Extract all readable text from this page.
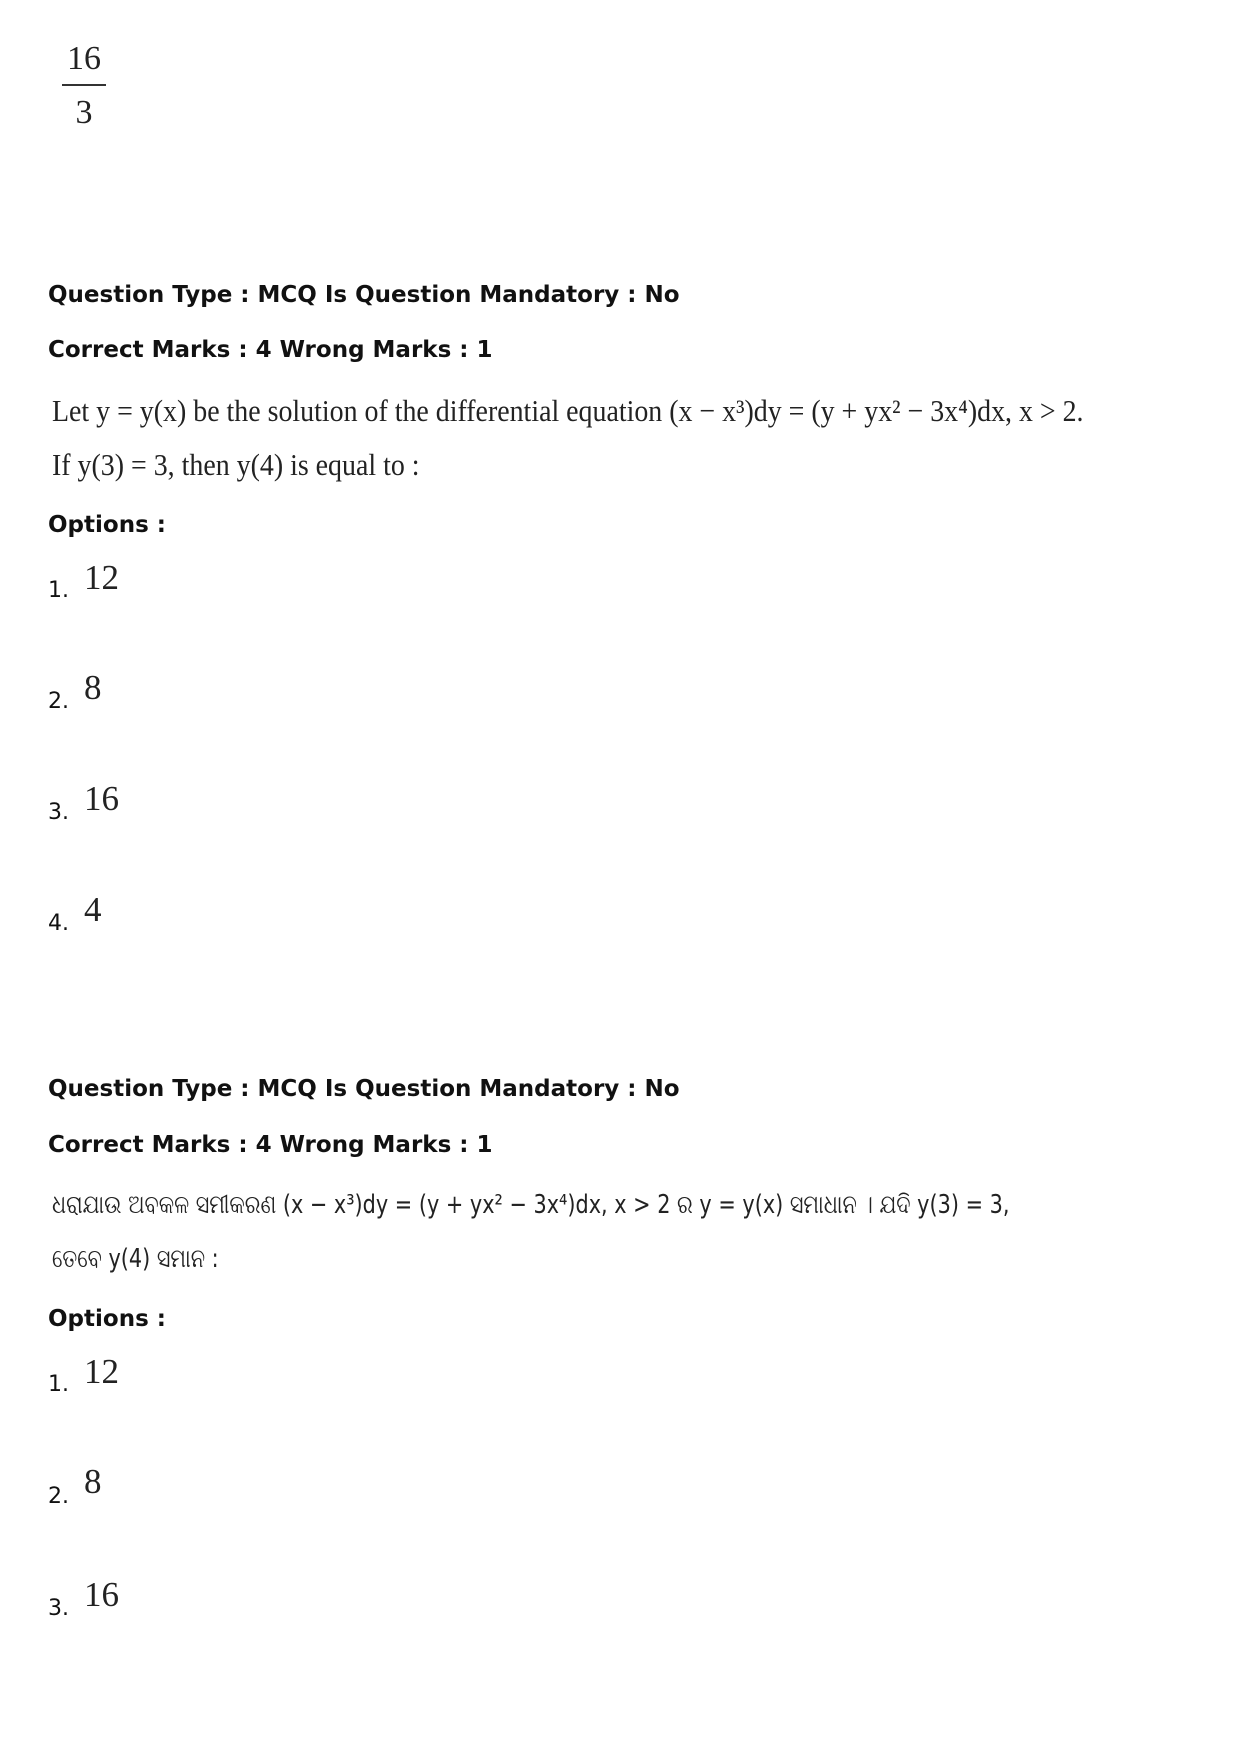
16
3
Question Type : MCQ Is Question Mandatory : No
Correct Marks : 4 Wrong Marks : 1
Let y = y(x) be the solution of the differential equation (x − x³)dy = (y + yx² − 3x⁴)dx, x > 2.
If y(3) = 3, then y(4) is equal to :
Options :
1. 12
2. 8
3. 16
4. 4
Question Type : MCQ Is Question Mandatory : No
Correct Marks : 4 Wrong Marks : 1
ଧରାଯାଉ ଅବକଳ ସମୀକରଣ (x − x³)dy = (y + yx² − 3x⁴)dx, x > 2 ର y = y(x) ସମାଧାନ । ଯଦି y(3) = 3,
ତେବେ y(4) ସମାନ :
Options :
1. 12
2. 8
3. 16
